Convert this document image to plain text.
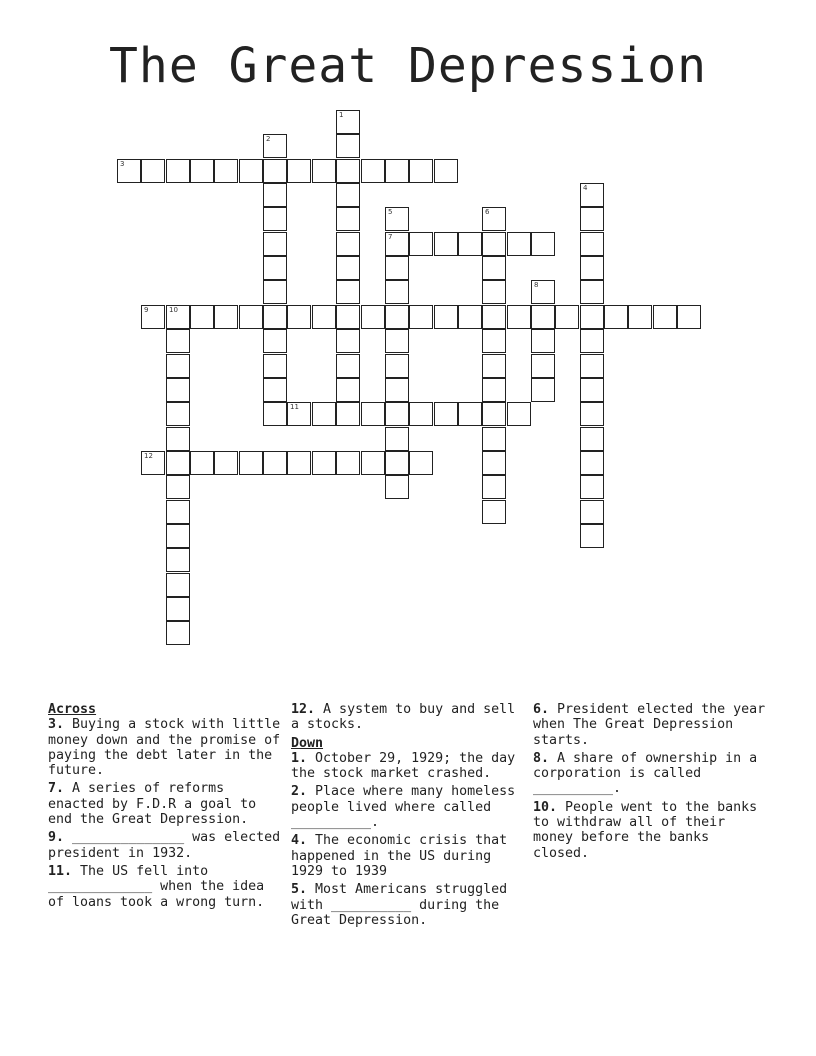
The Great Depression
3
7
9	10
11
12
1
2
4
5	6
8
Across
3. Buying a stock with little money down and the promise of paying the debt later in the future.
7. A series of reforms enacted by F.D.R a goal to end the Great Depression.
9. ______________ was elected president in 1932.
11. The US fell into _____________ when the idea of loans took a wrong turn.
12. A system to buy and sell a stocks.
Down
1. October 29, 1929; the day the stock market crashed.
2. Place where many homeless people lived where called __________.
4. The economic crisis that happened in the US during 1929 to 1939
5. Most Americans struggled with __________ during the Great Depression.
6. President elected the year when The Great Depression starts.
8. A share of ownership in a corporation is called __________.
10. People went to the banks to withdraw all of their money before the banks closed.
